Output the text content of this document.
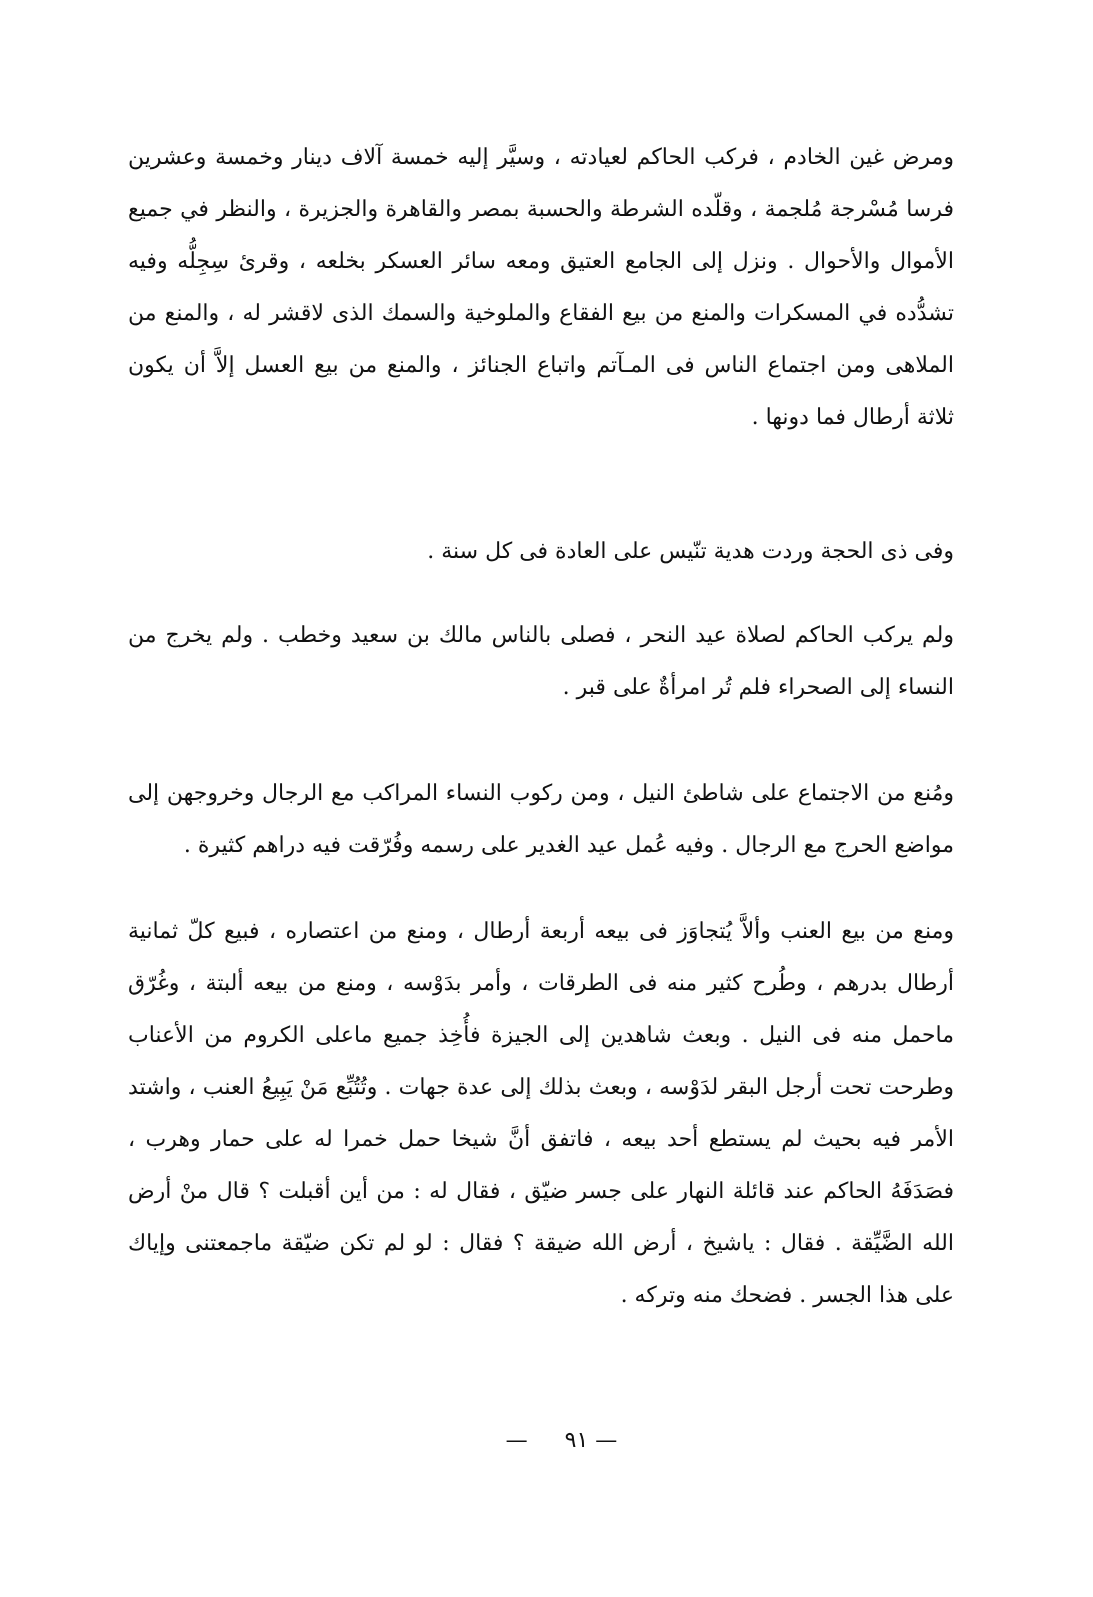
ومرض غين الخادم ، فركب الحاكم لعيادته ، وسيَّر إليه خمسة آلاف دينار وخمسة وعشرين فرسا مُسْرجة مُلجمة ، وقلّده الشرطة والحسبة بمصر والقاهرة والجزيرة ، والنظر في جميع الأموال والأحوال . ونزل إلى الجامع العتيق ومعه سائر العسكر بخلعه ، وقرئ سِجِلُّه وفيه تشدُّده في المسكرات والمنع من بيع الفقاع والملوخية والسمك الذى لاقشر له ، والمنع من الملاهى ومن اجتماع الناس فى المـآتم واتباع الجنائز ، والمنع من بيع العسل إلاَّ أن يكون ثلاثة أرطال فما دونها .

وفى ذى الحجة وردت هدية تنّيس على العادة فى كل سنة .

ولم يركب الحاكم لصلاة عيد النحر ، فصلى بالناس مالك بن سعيد وخطب . ولم يخرج من النساء إلى الصحراء فلم تُر امرأةٌ على قبر .

ومُنع من الاجتماع على شاطئ النيل ، ومن ركوب النساء المراكب مع الرجال وخروجهن إلى مواضع الحرج مع الرجال . وفيه عُمل عيد الغدير على رسمه وفُرّقت فيه دراهم كثيرة .

ومنع من بيع العنب وألاَّ يُتجاوَز فى بيعه أربعة أرطال ، ومنع من اعتصاره ، فبيع كلّ ثمانية أرطال بدرهم ، وطُرح كثير منه فى الطرقات ، وأمر بدَوْسه ، ومنع من بيعه ألبتة ، وغُرّق ماحمل منه فى النيل . وبعث شاهدين إلى الجيزة فأُخِذ جميع ماعلى الكروم من الأعناب وطرحت تحت أرجل البقر لدَوْسه ، وبعث بذلك إلى عدة جهات . وتُتُبِّع مَنْ يَبِيعُ العنب ، واشتد الأمر فيه بحيث لم يستطع أحد بيعه ، فاتفق أنَّ شيخا حمل خمرا له على حمار وهرب ، فصَدَفَهُ الحاكم عند قائلة النهار على جسر ضيّق ، فقال له : من أين أقبلت ؟ قال منْ أرض الله الضَّيِّقة . فقال : ياشيخ ، أرض الله ضيقة ؟ فقال : لو لم تكن ضيّقة ماجمعتنى وإياك على هذا الجسر . فضحك منه وتركه .

— ٩١ —
